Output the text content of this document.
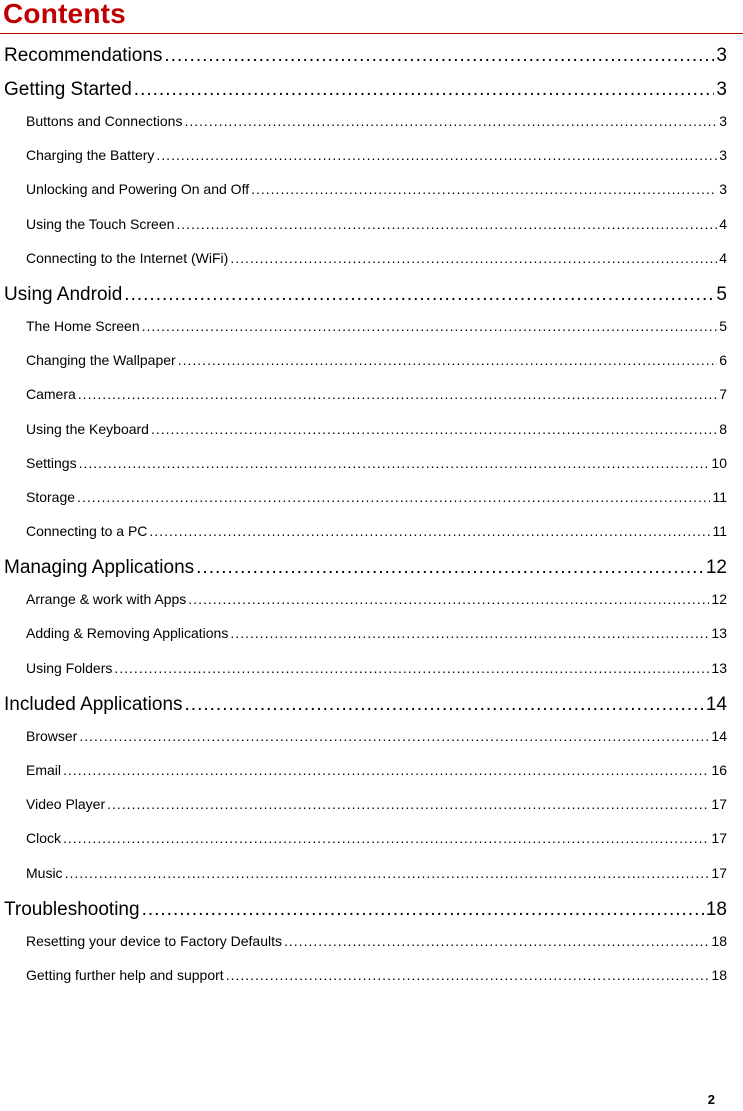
Contents
Recommendations .....	3
Getting Started .....	3
Buttons and Connections .....	3
Charging the Battery .....	3
Unlocking and Powering On and Off .....	3
Using the Touch Screen .....	4
Connecting to the Internet (WiFi) .....	4
Using Android .....	5
The Home Screen .....	5
Changing the Wallpaper .....	6
Camera .....	7
Using the Keyboard .....	8
Settings .....	10
Storage .....	11
Connecting to a PC .....	11
Managing Applications .....	12
Arrange & work with Apps .....	12
Adding & Removing Applications .....	13
Using Folders .....	13
Included Applications .....	14
Browser .....	14
Email .....	16
Video Player .....	17
Clock .....	17
Music .....	17
Troubleshooting .....	18
Resetting your device to Factory Defaults .....	18
Getting further help and support .....	18
2
